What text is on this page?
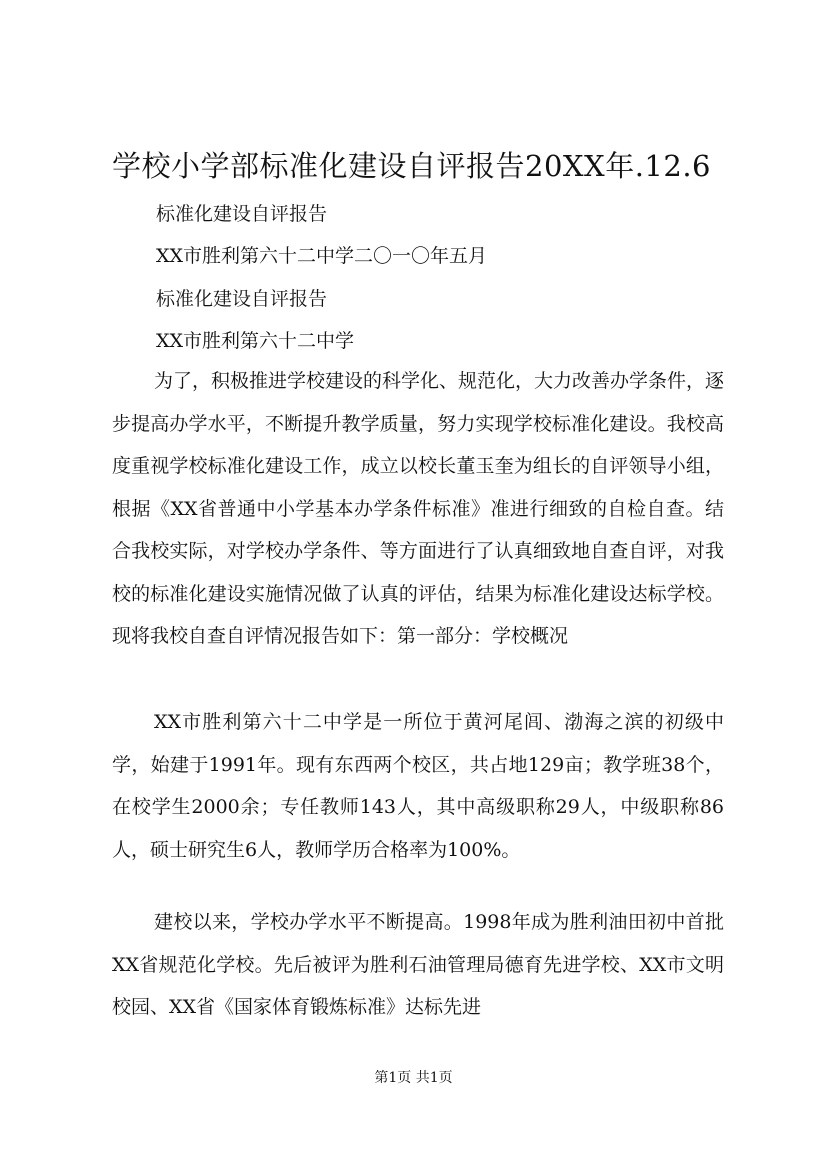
学校小学部标准化建设自评报告20XX年.12.6
标准化建设自评报告
XX市胜利第六十二中学二〇一〇年五月
标准化建设自评报告
XX市胜利第六十二中学

为了，积极推进学校建设的科学化、规范化，大力改善办学条件，逐步提高办学水平，不断提升教学质量，努力实现学校标准化建设。我校高度重视学校标准化建设工作，成立以校长董玉奎为组长的自评领导小组，根据《XX省普通中小学基本办学条件标准》准进行细致的自检自查。结合我校实际，对学校办学条件、等方面进行了认真细致地自查自评，对我校的标准化建设实施情况做了认真的评估，结果为标准化建设达标学校。现将我校自查自评情况报告如下：第一部分：学校概况

XX市胜利第六十二中学是一所位于黄河尾闾、渤海之滨的初级中学，始建于1991年。现有东西两个校区，共占地129亩；教学班38个，在校学生2000余；专任教师143人，其中高级职称29人，中级职称86人，硕士研究生6人，教师学历合格率为100%。

建校以来，学校办学水平不断提高。1998年成为胜利油田初中首批XX省规范化学校。先后被评为胜利石油管理局德育先进学校、XX市文明校园、XX省《国家体育锻炼标准》达标先进

第1页 共1页
